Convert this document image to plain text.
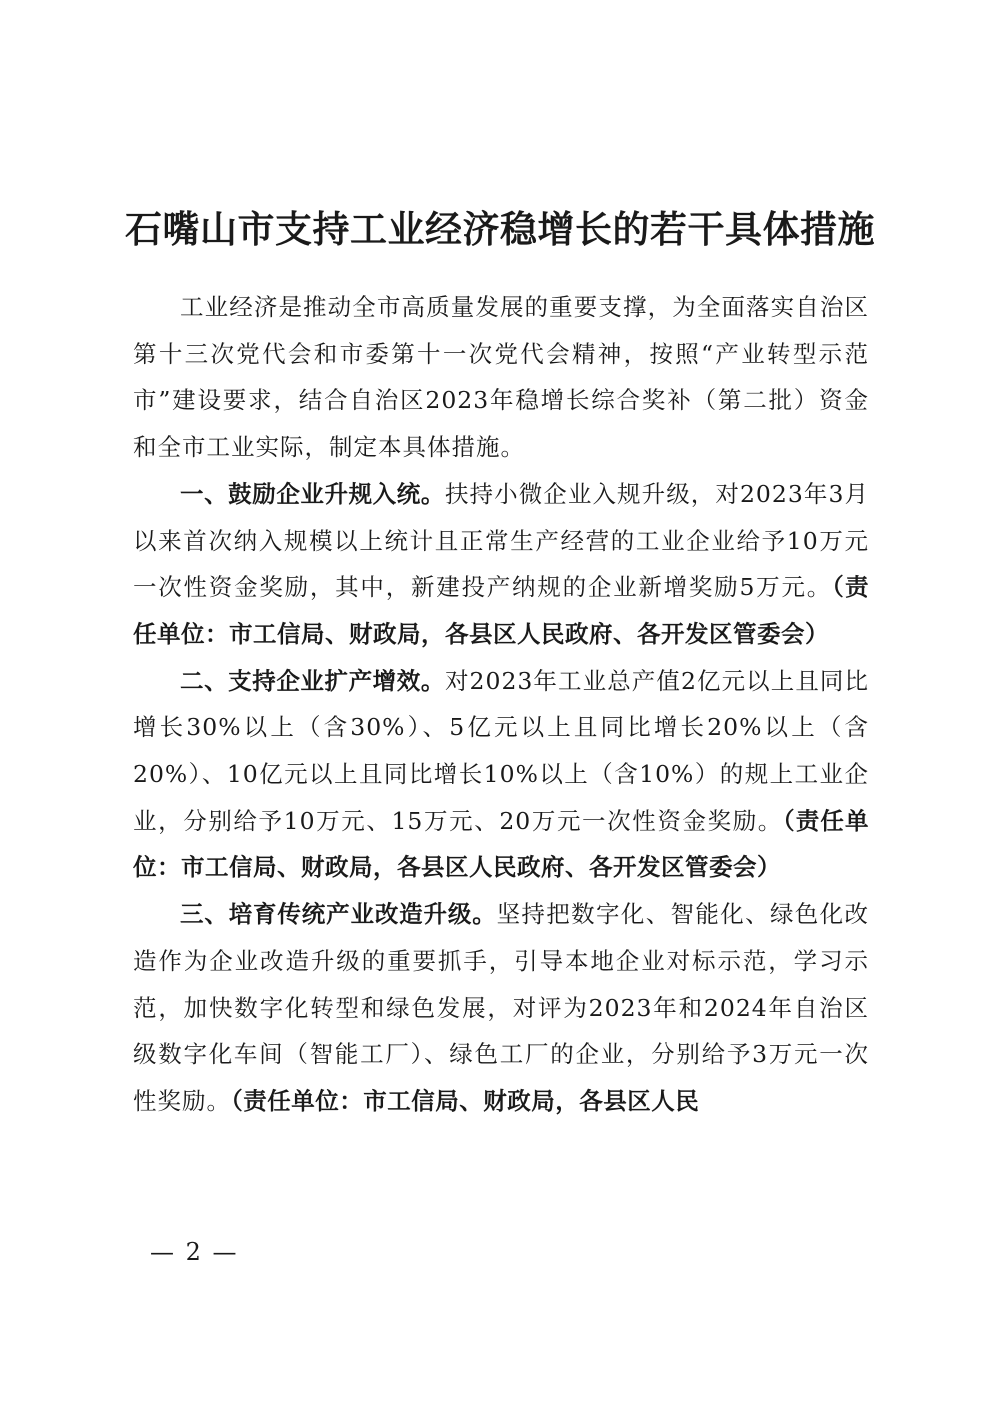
石嘴山市支持工业经济稳增长的若干具体措施

工业经济是推动全市高质量发展的重要支撑，为全面落实自治区第十三次党代会和市委第十一次党代会精神，按照“产业转型示范市”建设要求，结合自治区2023年稳增长综合奖补（第二批）资金和全市工业实际，制定本具体措施。

一、鼓励企业升规入统。扶持小微企业入规升级，对2023年3月以来首次纳入规模以上统计且正常生产经营的工业企业给予10万元一次性资金奖励，其中，新建投产纳规的企业新增奖励5万元。（责任单位：市工信局、财政局，各县区人民政府、各开发区管委会）

二、支持企业扩产增效。对2023年工业总产值2亿元以上且同比增长30%以上（含30%）、5亿元以上且同比增长20%以上（含20%）、10亿元以上且同比增长10%以上（含10%）的规上工业企业，分别给予10万元、15万元、20万元一次性资金奖励。（责任单位：市工信局、财政局，各县区人民政府、各开发区管委会）

三、培育传统产业改造升级。坚持把数字化、智能化、绿色化改造作为企业改造升级的重要抓手，引导本地企业对标示范，学习示范，加快数字化转型和绿色发展，对评为2023年和2024年自治区级数字化车间（智能工厂）、绿色工厂的企业，分别给予3万元一次性奖励。（责任单位：市工信局、财政局，各县区人民

— 2 —
